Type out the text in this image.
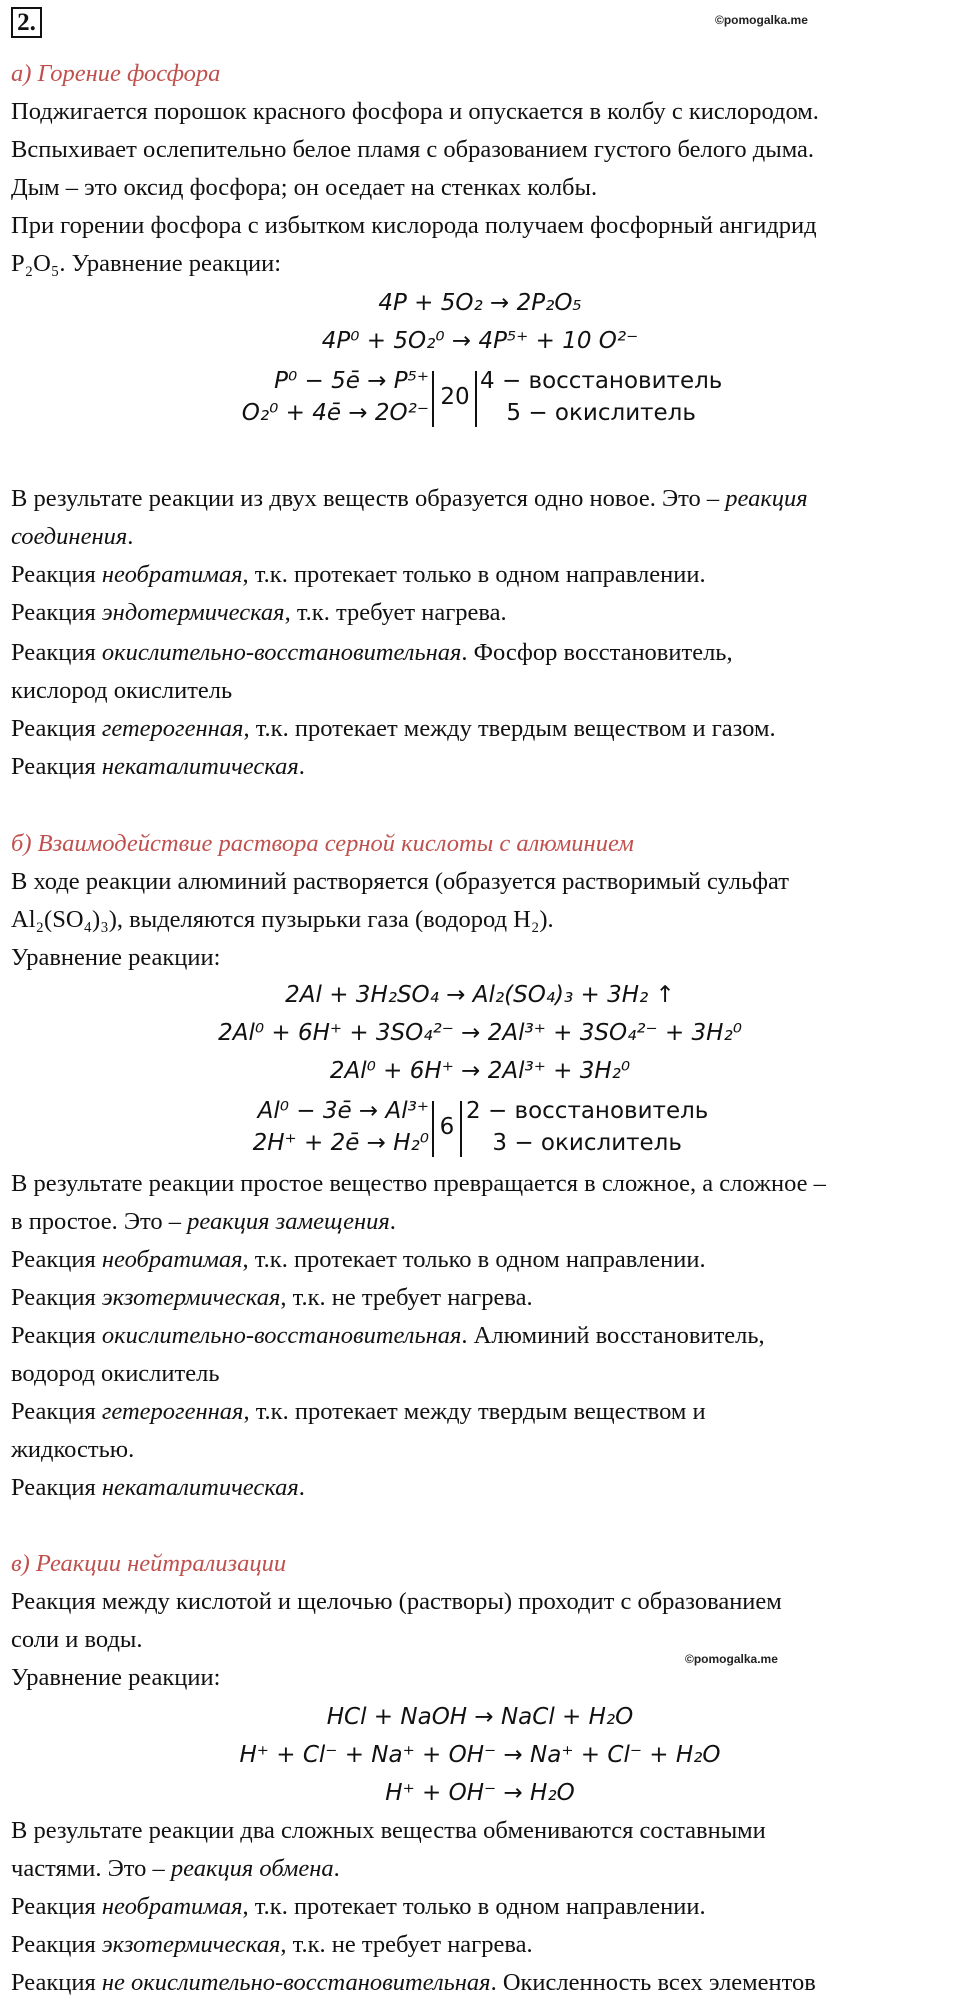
2.	©pomogalka.me
а) Горение фосфора
Поджигается порошок красного фосфора и опускается в колбу с кислородом.
Вспыхивает ослепительно белое пламя с образованием густого белого дыма.
Дым – это оксид фосфора; он оседает на стенках колбы.
При горении фосфора с избытком кислорода получаем фосфорный ангидрид
P₂O₅. Уравнение реакции:
4P + 5O₂ → 2P₂O₅
4P⁰ + 5O₂⁰ → 4P⁵⁺ + 10 O²⁻
P⁰ − 5ē → P⁵⁺
O₂⁰ + 4ē → 2O²⁻
20
4 − восстановитель
5 − окислитель
В результате реакции из двух веществ образуется одно новое. Это – реакция
соединения.
Реакция необратимая, т.к. протекает только в одном направлении.
Реакция эндотермическая, т.к. требует нагрева.
Реакция окислительно-восстановительная. Фосфор восстановитель,
кислород окислитель
Реакция гетерогенная, т.к. протекает между твердым веществом и газом.
Реакция некаталитическая.
б) Взаимодействие раствора серной кислоты с алюминием
В ходе реакции алюминий растворяется (образуется растворимый сульфат
Al₂(SO₄)₃), выделяются пузырьки газа (водород H₂).
Уравнение реакции:
2Al + 3H₂SO₄ → Al₂(SO₄)₃ + 3H₂ ↑
2Al⁰ + 6H⁺ + 3SO₄²⁻ → 2Al³⁺ + 3SO₄²⁻ + 3H₂⁰
2Al⁰ + 6H⁺ → 2Al³⁺ + 3H₂⁰
Al⁰ − 3ē → Al³⁺
2H⁺ + 2ē → H₂⁰
6
2 − восстановитель
3 − окислитель
В результате реакции простое вещество превращается в сложное, а сложное –
в простое. Это – реакция замещения.
Реакция необратимая, т.к. протекает только в одном направлении.
Реакция экзотермическая, т.к. не требует нагрева.
Реакция окислительно-восстановительная. Алюминий восстановитель,
водород окислитель
Реакция гетерогенная, т.к. протекает между твердым веществом и
жидкостью.
Реакция некаталитическая.
в) Реакции нейтрализации
Реакция между кислотой и щелочью (растворы) проходит с образованием
соли и воды.
©pomogalka.me
Уравнение реакции:
HCl + NaOH → NaCl + H₂O
H⁺ + Cl⁻ + Na⁺ + OH⁻ → Na⁺ + Cl⁻ + H₂O
H⁺ + OH⁻ → H₂O
В результате реакции два сложных вещества обмениваются составными
частями. Это – реакция обмена.
Реакция необратимая, т.к. протекает только в одном направлении.
Реакция экзотермическая, т.к. не требует нагрева.
Реакция не окислительно-восстановительная. Окисленность всех элементов
